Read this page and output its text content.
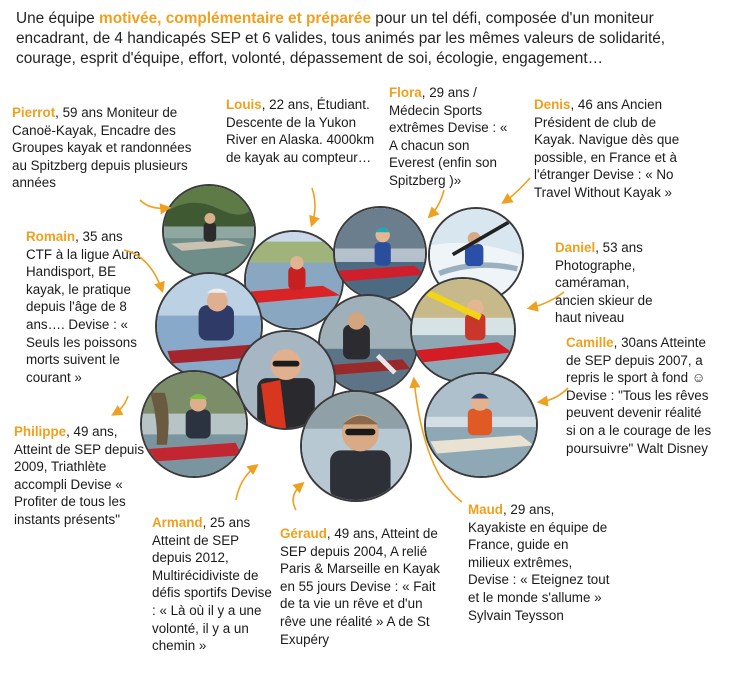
Une équipe motivée, complémentaire et préparée pour un tel défi, composée d'un moniteur encadrant, de 4 handicapés SEP et 6 valides, tous animés par les mêmes valeurs de solidarité, courage, esprit d'équipe, effort, volonté, dépassement de soi, écologie, engagement…
Pierrot, 59 ans Moniteur de Canoë-Kayak, Encadre des Groupes kayak et randonnées au Spitzberg depuis plusieurs années
Louis, 22 ans, Étudiant. Descente de la Yukon River en Alaska. 4000km de kayak au compteur…
Flora, 29 ans / Médecin Sports extrêmes Devise : « A chacun son Everest (enfin son Spitzberg )»
Denis, 46 ans Ancien Président de club de Kayak. Navigue dès que possible, en France et à l'étranger Devise : « No Travel Without Kayak »
Romain, 35 ans CTF à la ligue Aura Handisport, BE kayak, le pratique depuis l'âge de 8 ans…. Devise : « Seuls les poissons morts suivent le courant »
Daniel, 53 ans Photographe, caméraman, ancien skieur de haut niveau
Camille, 30ans Atteinte de SEP depuis 2007, a repris le sport à fond ☺ Devise : "Tous les rêves peuvent devenir réalité si on a le courage de les poursuivre" Walt Disney
Philippe, 49 ans, Atteint de SEP depuis 2009, Triathlète accompli Devise « Profiter de tous les instants présents"	Armand, 25 ans Atteint de SEP depuis 2012, Multirécidiviste de défis sportifs Devise : « Là où il y a une volonté, il y a un chemin »
Géraud, 49 ans, Atteint de SEP depuis 2004, A relié Paris & Marseille en Kayak en 55 jours Devise : « Fait de ta vie un rêve et d'un rêve une réalité » A de St Exupéry
Maud, 29 ans, Kayakiste en équipe de France, guide en milieux extrêmes, Devise : « Eteignez tout et le monde s'allume » Sylvain Teysson
